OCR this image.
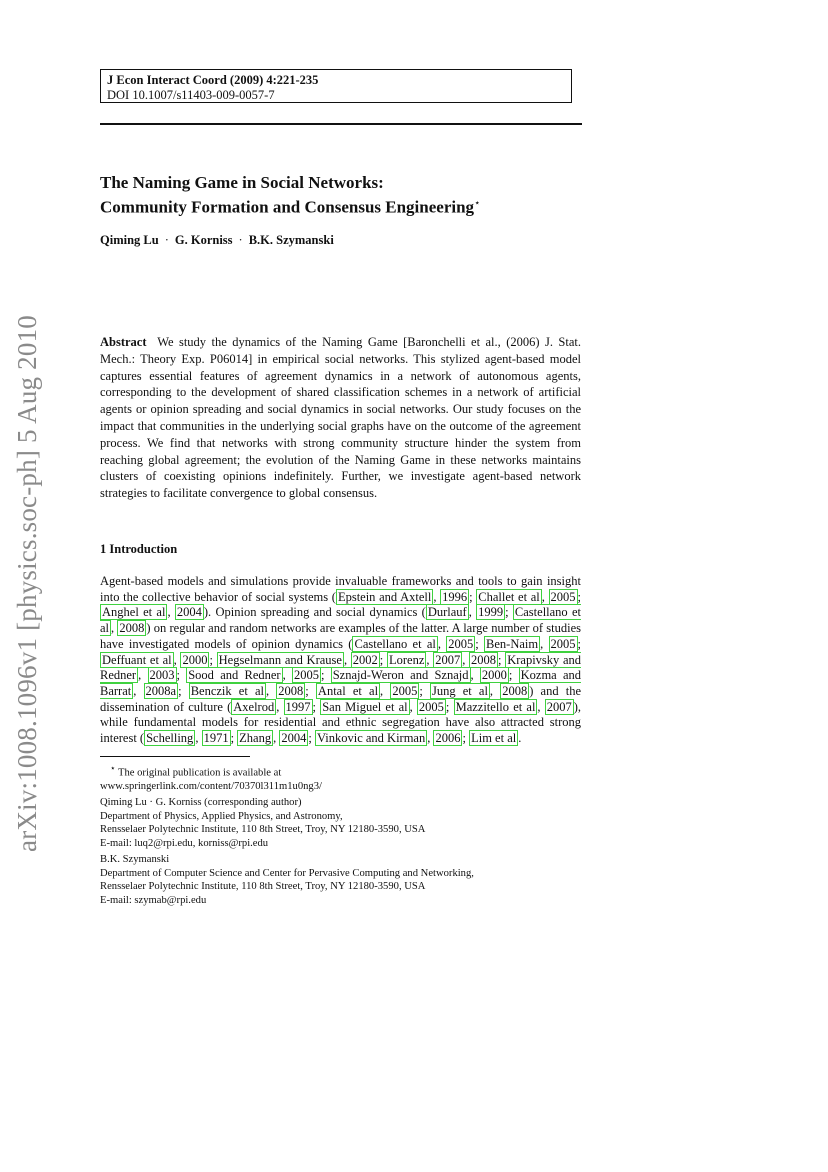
arXiv:1008.1096v1 [physics.soc-ph] 5 Aug 2010
J Econ Interact Coord (2009) 4:221-235
DOI 10.1007/s11403-009-0057-7
The Naming Game in Social Networks:
Community Formation and Consensus Engineering⋆
Qiming Lu · G. Korniss · B.K. Szymanski
Abstract We study the dynamics of the Naming Game [Baronchelli et al., (2006) J. Stat. Mech.: Theory Exp. P06014] in empirical social networks. This stylized agent-based model captures essential features of agreement dynamics in a network of autonomous agents, corresponding to the development of shared classification schemes in a network of artificial agents or opinion spreading and social dynamics in social networks. Our study focuses on the impact that communities in the underlying social graphs have on the outcome of the agreement process. We find that networks with strong community structure hinder the system from reaching global agreement; the evolution of the Naming Game in these networks maintains clusters of coexisting opinions indefinitely. Further, we investigate agent-based network strategies to facilitate convergence to global consensus.
1 Introduction
Agent-based models and simulations provide invaluable frameworks and tools to gain insight into the collective behavior of social systems ( Epstein and Axtell , 1996 ; Challet et al , 2005 ; Anghel et al , 2004 ). Opinion spreading and social dynamics ( Durlauf , 1999 ; Castellano et al , 2008 ) on regular and random networks are examples of the latter. A large number of studies have investigated models of opinion dynamics ( Castellano et al , 2005 ; Ben-Naim , 2005 ; Deffuant et al , 2000 ; Hegselmann and Krause , 2002 ; Lorenz , 2007 , 2008 ; Krapivsky and Redner , 2003 ; Sood and Redner , 2005 ; Sznajd-Weron and Sznajd , 2000 ; Kozma and Barrat , 2008a ; Benczik et al , 2008 ; Antal et al , 2005 ; Jung et al , 2008 ) and the dissemination of culture ( Axelrod , 1997 ; San Miguel et al , 2005 ; Mazzitello et al , 2007 ), while fundamental models for residential and ethnic segregation have also attracted strong interest ( Schelling , 1971 ; Zhang , 2004 ; Vinkovic and Kirman , 2006 ; Lim et al .
⋆ The original publication is available at
www.springerlink.com/content/70370l311m1u0ng3/
Qiming Lu · G. Korniss (corresponding author)
Department of Physics, Applied Physics, and Astronomy,
Rensselaer Polytechnic Institute, 110 8th Street, Troy, NY 12180-3590, USA
E-mail: luq2@rpi.edu, korniss@rpi.edu
B.K. Szymanski
Department of Computer Science and Center for Pervasive Computing and Networking,
Rensselaer Polytechnic Institute, 110 8th Street, Troy, NY 12180-3590, USA
E-mail: szymab@rpi.edu
